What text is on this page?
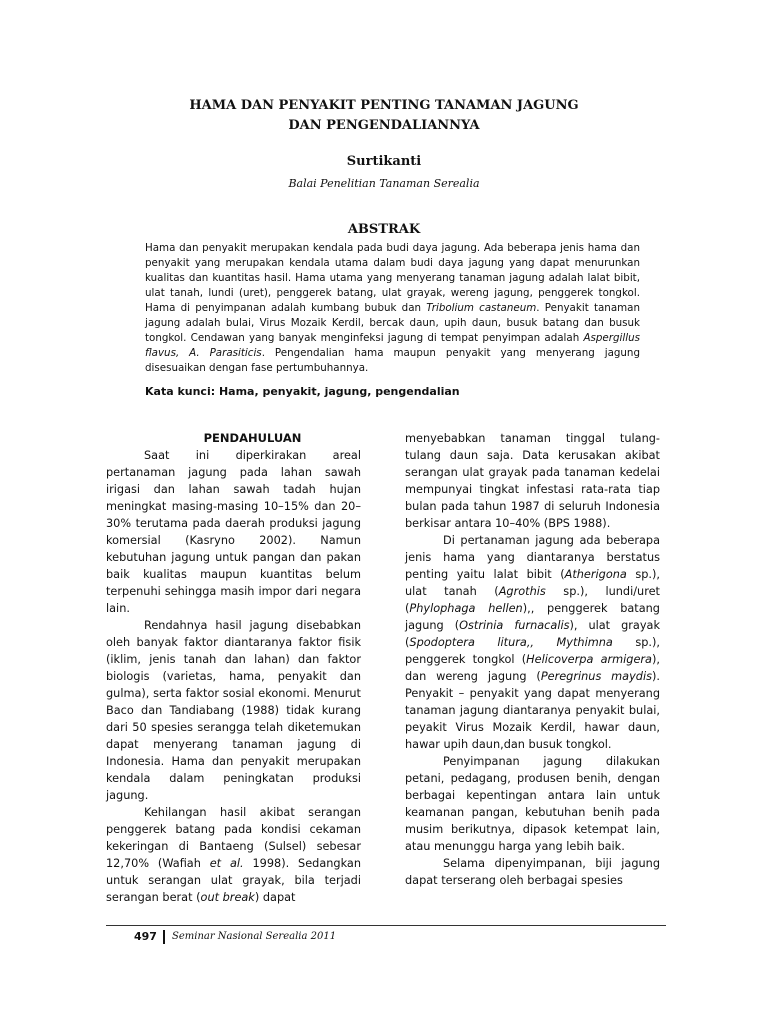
HAMA DAN PENYAKIT PENTING TANAMAN JAGUNG
DAN PENGENDALIANNYA
Surtikanti
Balai Penelitian Tanaman Serealia
ABSTRAK

Hama dan penyakit merupakan kendala pada budi daya jagung. Ada beberapa jenis hama dan penyakit yang merupakan kendala utama dalam budi daya jagung yang dapat menurunkan kualitas dan kuantitas hasil. Hama utama yang menyerang tanaman jagung adalah lalat bibit, ulat tanah, lundi (uret), penggerek batang, ulat grayak, wereng jagung, penggerek tongkol. Hama di penyimpanan adalah kumbang bubuk dan Tribolium castaneum. Penyakit tanaman jagung adalah bulai, Virus Mozaik Kerdil, bercak daun, upih daun, busuk batang dan busuk tongkol. Cendawan yang banyak menginfeksi jagung di tempat penyimpan adalah Aspergillus flavus, A. Parasiticis. Pengendalian hama maupun penyakit yang menyerang jagung disesuaikan dengan fase pertumbuhannya.

Kata kunci: Hama, penyakit, jagung, pengendalian

PENDAHULUAN

Saat ini diperkirakan areal pertanaman jagung pada lahan sawah irigasi dan lahan sawah tadah hujan meningkat masing-masing 10–15% dan 20–30% terutama pada daerah produksi jagung komersial (Kasryno 2002). Namun kebutuhan jagung untuk pangan dan pakan baik kualitas maupun kuantitas belum terpenuhi sehingga masih impor dari negara lain.

Rendahnya hasil jagung disebabkan oleh banyak faktor diantaranya faktor fisik (iklim, jenis tanah dan lahan) dan faktor biologis (varietas, hama, penyakit dan gulma), serta faktor sosial ekonomi. Menurut Baco dan Tandiabang (1988) tidak kurang dari 50 spesies serangga telah diketemukan dapat menyerang tanaman jagung di Indonesia. Hama dan penyakit merupakan kendala dalam peningkatan produksi jagung.

Kehilangan hasil akibat serangan penggerek batang pada kondisi cekaman kekeringan di Bantaeng (Sulsel) sebesar 12,70% (Wafiah et al. 1998). Sedangkan untuk serangan ulat grayak, bila terjadi serangan berat (out break) dapat

menyebabkan tanaman tinggal tulang-tulang daun saja. Data kerusakan akibat serangan ulat grayak pada tanaman kedelai mempunyai tingkat infestasi rata-rata tiap bulan pada tahun 1987 di seluruh Indonesia berkisar antara 10–40% (BPS 1988).

Di pertanaman jagung ada beberapa jenis hama yang diantaranya berstatus penting yaitu lalat bibit (Atherigona sp.), ulat tanah (Agrothis sp.), lundi/uret (Phylophaga hellen),, penggerek batang jagung (Ostrinia furnacalis), ulat grayak (Spodoptera litura,, Mythimna sp.), penggerek tongkol (Helicoverpa armigera), dan wereng jagung (Peregrinus maydis). Penyakit – penyakit yang dapat menyerang tanaman jagung diantaranya penyakit bulai, peyakit Virus Mozaik Kerdil, hawar daun, hawar upih daun,dan busuk tongkol.

Penyimpanan jagung dilakukan petani, pedagang, produsen benih, dengan berbagai kepentingan antara lain untuk keamanan pangan, kebutuhan benih pada musim berikutnya, dipasok ketempat lain, atau menunggu harga yang lebih baik.

Selama dipenyimpanan, biji jagung dapat terserang oleh berbagai spesies

497 Seminar Nasional Serealia 2011
